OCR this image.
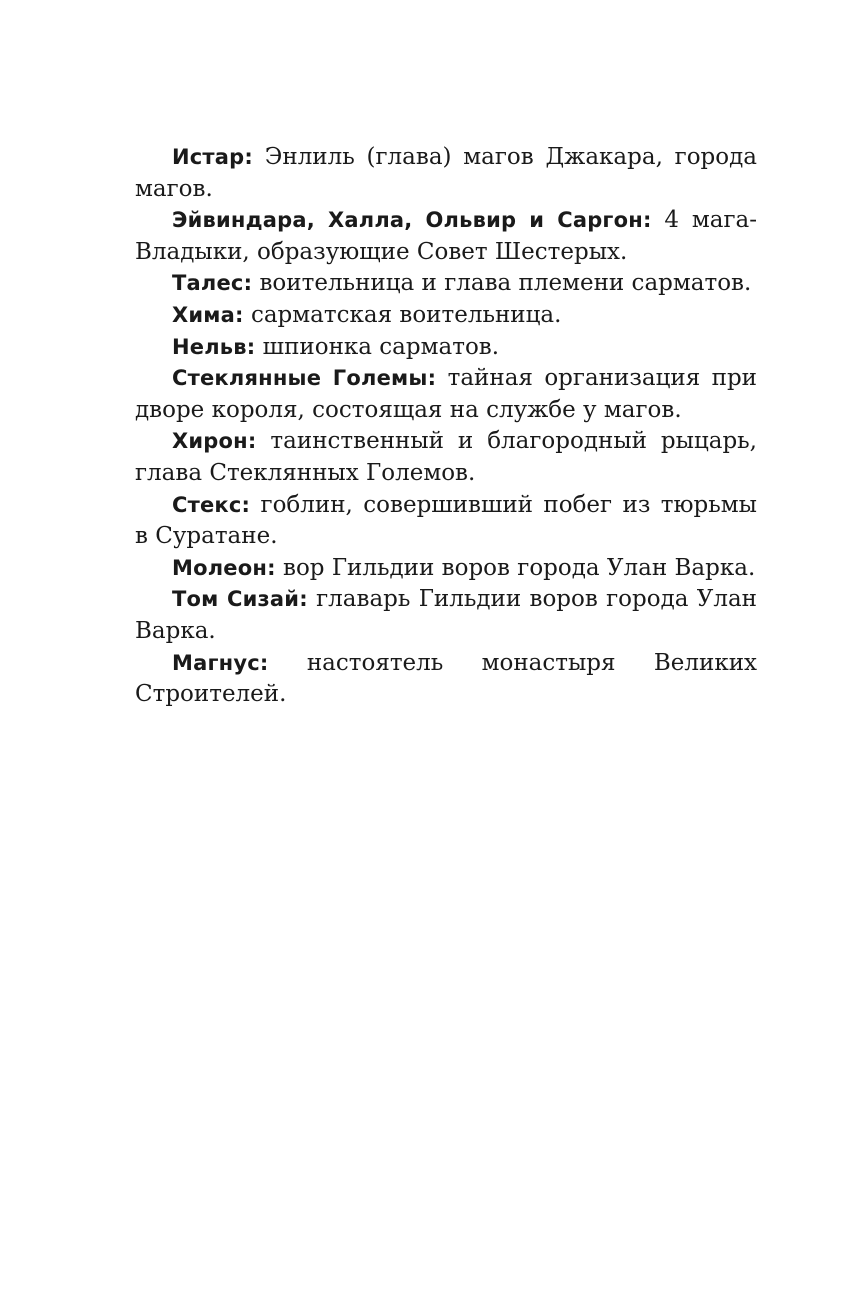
Истар: Энлиль (глава) магов Джакара, города магов.

Эйвиндара, Халла, Ольвир и Саргон: 4 мага-Владыки, образующие Совет Шестерых.

Талес: воительница и глава племени сарматов.

Хима: сарматская воительница.

Нельв: шпионка сарматов.

Стеклянные Големы: тайная организация при дворе короля, состоящая на службе у магов.

Хирон: таинственный и благородный рыцарь, глава Стеклянных Големов.

Стекс: гоблин, совершивший побег из тюрьмы в Суратане.

Молеон: вор Гильдии воров города Улан Варка.

Том Сизай: главарь Гильдии воров города Улан Варка.

Магнус: настоятель монастыря Великих Строителей.
